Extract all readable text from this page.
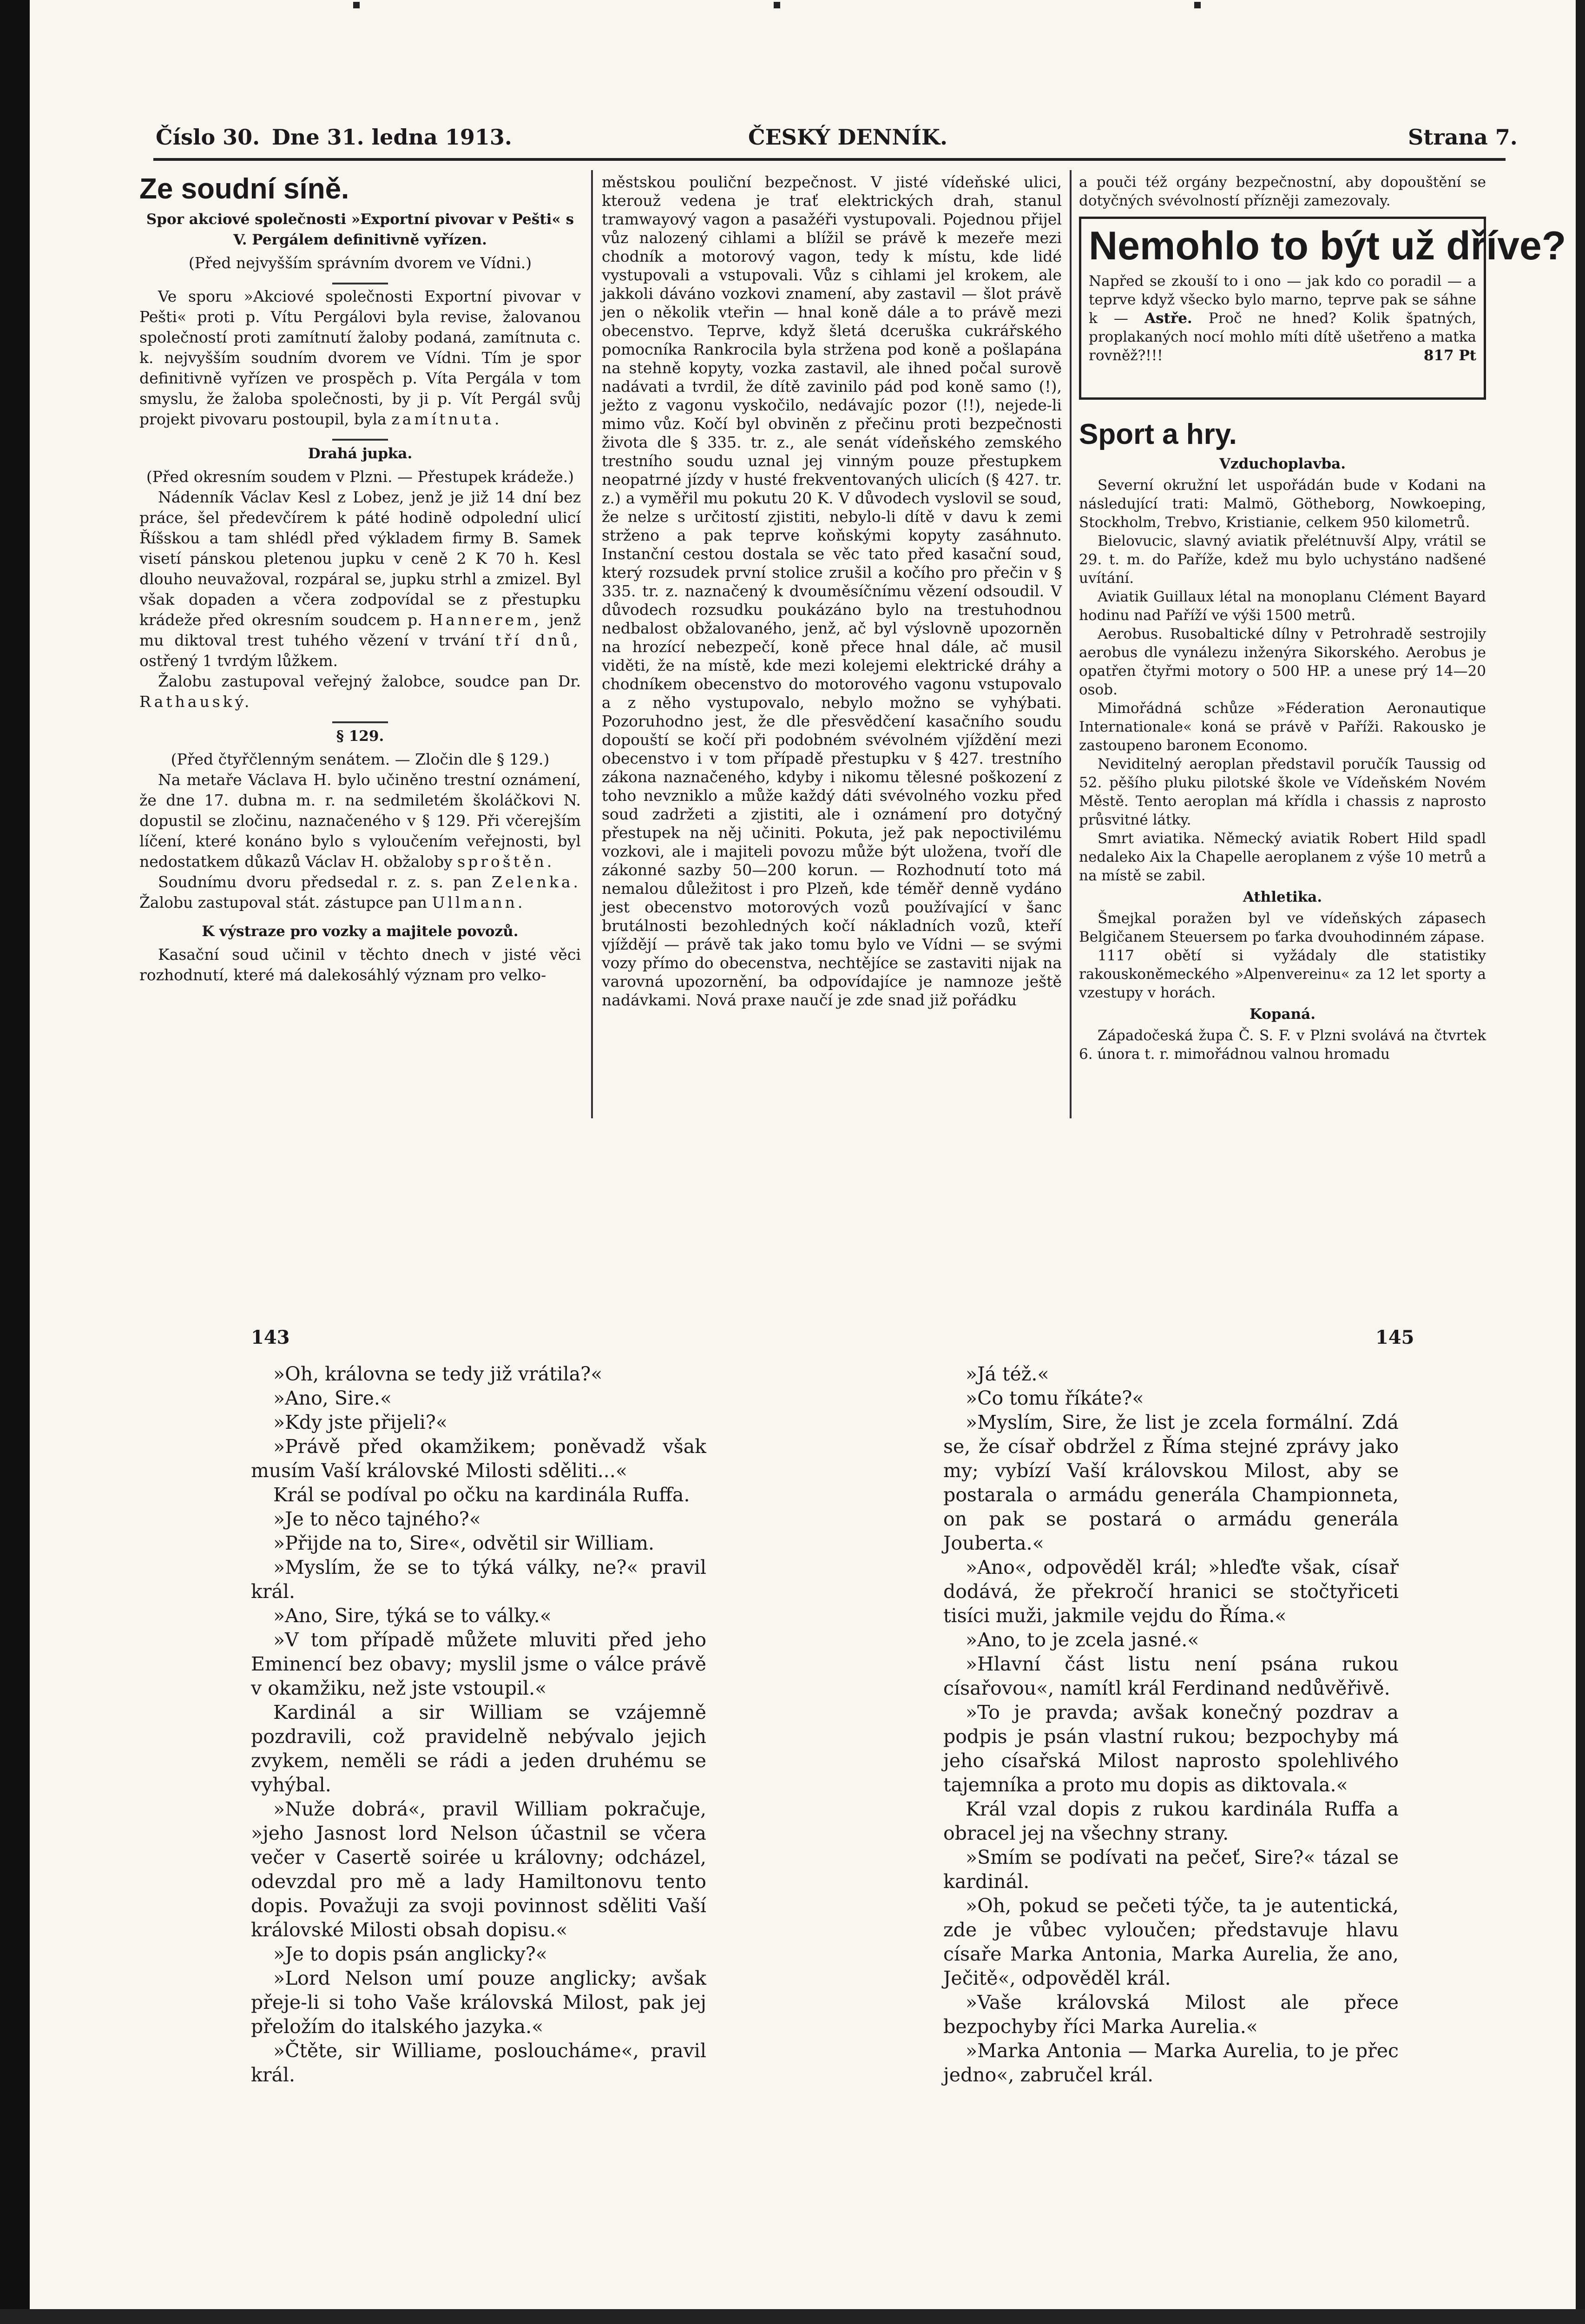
Číslo 30. Dne 31. ledna 1913.	ČESKÝ DENNÍK.	Strana 7.
Ze soudní síně.
Spor akciové společnosti »Exportní pivovar v Pešti« s V. Pergálem definitivně vyřízen.

(Před nejvyšším správním dvorem ve Vídni.)

Ve sporu »Akciové společnosti Exportní pivovar v Pešti« proti p. Vítu Pergálovi byla revise, žalovanou společností proti zamítnutí žaloby podaná, zamítnuta c. k. nejvyšším soudním dvorem ve Vídni. Tím je spor definitivně vyřízen ve prospěch p. Víta Pergála v tom smyslu, že žaloba společnosti, by ji p. Vít Pergál svůj projekt pivovaru postoupil, byla zamítnuta.

Drahá jupka.

(Před okresním soudem v Plzni. — Přestupek krádeže.)

Nádenník Václav Kesl z Lobez, jenž je již 14 dní bez práce, šel předevčírem k páté hodině odpolední ulicí Říšskou a tam shlédl před výkladem firmy B. Samek visetí pánskou pletenou jupku v ceně 2 K 70 h. Kesl dlouho neuvažoval, rozpáral se, jupku strhl a zmizel. Byl však dopaden a včera zodpovídal se z přestupku krádeže před okresním soudcem p. Hannerem, jenž mu diktoval trest tuhého vězení v trvání tří dnů, ostřený 1 tvrdým lůžkem.

Žalobu zastupoval veřejný žalobce, soudce pan Dr. Rathauský.

§ 129.

(Před čtyřčlenným senátem. — Zločin dle § 129.)

Na metaře Václava H. bylo učiněno trestní oznámení, že dne 17. dubna m. r. na sedmiletém školáčkovi N. dopustil se zločinu, naznačeného v § 129. Při včerejším líčení, které konáno bylo s vyloučením veřejnosti, byl nedostatkem důkazů Václav H. obžaloby sproštěn.

Soudnímu dvoru předsedal r. z. s. pan Zelenka. Žalobu zastupoval stát. zástupce pan Ullmann.

K výstraze pro vozky a majitele povozů.

Kasační soud učinil v těchto dnech v jisté věci rozhodnutí, které má dalekosáhlý význam pro velko-

městskou pouliční bezpečnost. V jisté vídeňské ulici, kterouž vedena je trať elektrických drah, stanul tramwayový vagon a pasažéři vystupovali. Pojednou přijel vůz nalozený cihlami a blížil se právě k mezeře mezi chodník a motorový vagon, tedy k místu, kde lidé vystupovali a vstupovali. Vůz s cihlami jel krokem, ale jakkoli dáváno vozkovi znamení, aby zastavil — šlot právě jen o několik vteřin — hnal koně dále a to právě mezi obecenstvo. Teprve, když šletá dceruška cukrářského pomocníka Rankrocila byla stržena pod koně a pošlapána na stehně kopyty, vozka zastavil, ale ihned počal surově nadávati a tvrdil, že dítě zavinilo pád pod koně samo (!), ježto z vagonu vyskočilo, nedávajíc pozor (!!), nejede-li mimo vůz. Kočí byl obviněn z přečinu proti bezpečnosti života dle § 335. tr. z., ale senát vídeňského zemského trestního soudu uznal jej vinným pouze přestupkem neopatrné jízdy v husté frekventovaných ulicích (§ 427. tr. z.) a vyměřil mu pokutu 20 K. V důvodech vyslovil se soud, že nelze s určitostí zjistiti, nebylo-li dítě v davu k zemi strženo a pak teprve koňskými kopyty zasáhnuto. Instanční cestou dostala se věc tato před kasační soud, který rozsudek první stolice zrušil a kočího pro přečin v § 335. tr. z. naznačený k dvouměsíčnímu vězení odsoudil. V důvodech rozsudku poukázáno bylo na trestuhodnou nedbalost obžalovaného, jenž, ač byl výslovně upozorněn na hrozící nebezpečí, koně přece hnal dále, ač musil viděti, že na místě, kde mezi kolejemi elektrické dráhy a chodníkem obecenstvo do motorového vagonu vstupovalo a z něho vystupovalo, nebylo možno se vyhýbati. Pozoruhodno jest, že dle přesvědčení kasačního soudu dopouští se kočí při podobném svévolném vjíždění mezi obecenstvo i v tom případě přestupku v § 427. trestního zákona naznačeného, kdyby i nikomu tělesné poškození z toho nevzniklo a může každý dáti svévolného vozku před soud zadržeti a zjistiti, ale i oznámení pro dotyčný přestupek na něj učiniti. Pokuta, jež pak nepoctivilému vozkovi, ale i majiteli povozu může být uložena, tvoří dle zákonné sazby 50—200 korun. — Rozhodnutí toto má nemalou důležitost i pro Plzeň, kde téměř denně vydáno jest obecenstvo motorových vozů používající v šanc brutálnosti bezohledných kočí nákladních vozů, kteří vjíždějí — právě tak jako tomu bylo ve Vídni — se svými vozy přímo do obecenstva, nechtějíce se zastaviti nijak na varovná upozornění, ba odpovídajíce je namnoze ještě nadávkami. Nová praxe naučí je zde snad již pořádku

a pouči též orgány bezpečnostní, aby dopouštění se dotyčných svévolností přízněji zamezovaly.

Nemohlo to být už dříve?
Napřed se zkouší to i ono — jak kdo co poradil — a teprve když všecko bylo marno, teprve pak se sáhne k — Astře. Proč ne hned? Kolik špatných, proplakaných nocí mohlo míti dítě ušetřeno a matka rovněž?!!!	817 Pt
Sport a hry.
Vzduchoplavba.

Severní okružní let uspořádán bude v Kodani na následující trati: Malmö, Götheborg, Nowkoeping, Stockholm, Trebvo, Kristianie, celkem 950 kilometrů.

Bielovucic, slavný aviatik přelétnuvší Alpy, vrátil se 29. t. m. do Paříže, kdež mu bylo uchystáno nadšené uvítání.

Aviatik Guillaux létal na monoplanu Clément Bayard hodinu nad Paříží ve výši 1500 metrů.

Aerobus. Rusobaltické dílny v Petrohradě sestrojily aerobus dle vynálezu inženýra Sikorského. Aerobus je opatřen čtyřmi motory o 500 HP. a unese prý 14—20 osob.

Mimořádná schůze »Féderation Aeronautique Internationale« koná se právě v Paříži. Rakousko je zastoupeno baronem Economo.

Neviditelný aeroplan představil poručík Taussig od 52. pěšího pluku pilotské škole ve Vídeňském Novém Městě. Tento aeroplan má křídla i chassis z naprosto průsvitné látky.

Smrt aviatika. Německý aviatik Robert Hild spadl nedaleko Aix la Chapelle aeroplanem z výše 10 metrů a na místě se zabil.

Athletika.

Šmejkal poražen byl ve vídeňských zápasech Belgičanem Steuersem po ťarka dvouhodinném zápase.

1117 obětí si vyžádaly dle statistiky rakouskoněmeckého »Alpenvereinu« za 12 let sporty a vzestupy v horách.

Kopaná.

Západočeská župa Č. S. F. v Plzni svolává na čtvrtek 6. února t. r. mimořádnou valnou hromadu

143	145

»Oh, královna se tedy již vrátila?«

»Ano, Sire.«

»Kdy jste přijeli?«

»Právě před okamžikem; poněvadž však musím Vaší královské Milosti sděliti...«

Král se podíval po očku na kardinála Ruffa.

»Je to něco tajného?«

»Přijde na to, Sire«, odvětil sir William.

»Myslím, že se to týká války, ne?« pravil král.

»Ano, Sire, týká se to války.«

»V tom případě můžete mluviti před jeho Eminencí bez obavy; myslil jsme o válce právě v okamžiku, než jste vstoupil.«

Kardinál a sir William se vzájemně pozdravili, což pravidelně nebývalo jejich zvykem, neměli se rádi a jeden druhému se vyhýbal.

»Nuže dobrá«, pravil William pokračuje, »jeho Jasnost lord Nelson účastnil se včera večer v Casertě soirée u královny; odcházel, odevzdal pro mě a lady Hamiltonovu tento dopis. Považuji za svoji povinnost sděliti Vaší královské Milosti obsah dopisu.«

»Je to dopis psán anglicky?«

»Lord Nelson umí pouze anglicky; avšak přeje-li si toho Vaše královská Milost, pak jej přeložím do italského jazyka.«

»Čtěte, sir Williame, posloucháme«, pravil král.

»Já též.«

»Co tomu říkáte?«

»Myslím, Sire, že list je zcela formální. Zdá se, že císař obdržel z Říma stejné zprávy jako my; vybízí Vaší královskou Milost, aby se postarala o armádu generála Championneta, on pak se postará o armádu generála Jouberta.«

»Ano«, odpověděl král; »hleďte však, císař dodává, že překročí hranici se stočtyřiceti tisíci muži, jakmile vejdu do Říma.«

»Ano, to je zcela jasné.«

»Hlavní část listu není psána rukou císařovou«, namítl král Ferdinand nedůvěřivě.

»To je pravda; avšak konečný pozdrav a podpis je psán vlastní rukou; bezpochyby má jeho císařská Milost naprosto spolehlivého tajemníka a proto mu dopis as diktovala.«

Král vzal dopis z rukou kardinála Ruffa a obracel jej na všechny strany.

»Smím se podívati na pečeť, Sire?« tázal se kardinál.

»Oh, pokud se pečeti týče, ta je autentická, zde je vůbec vyloučen; představuje hlavu císaře Marka Antonia, Marka Aurelia, že ano, Ječitě«, odpověděl král.

»Vaše královská Milost ale přece bezpochyby říci Marka Aurelia.«

»Marka Antonia — Marka Aurelia, to je přec jedno«, zabručel král.
